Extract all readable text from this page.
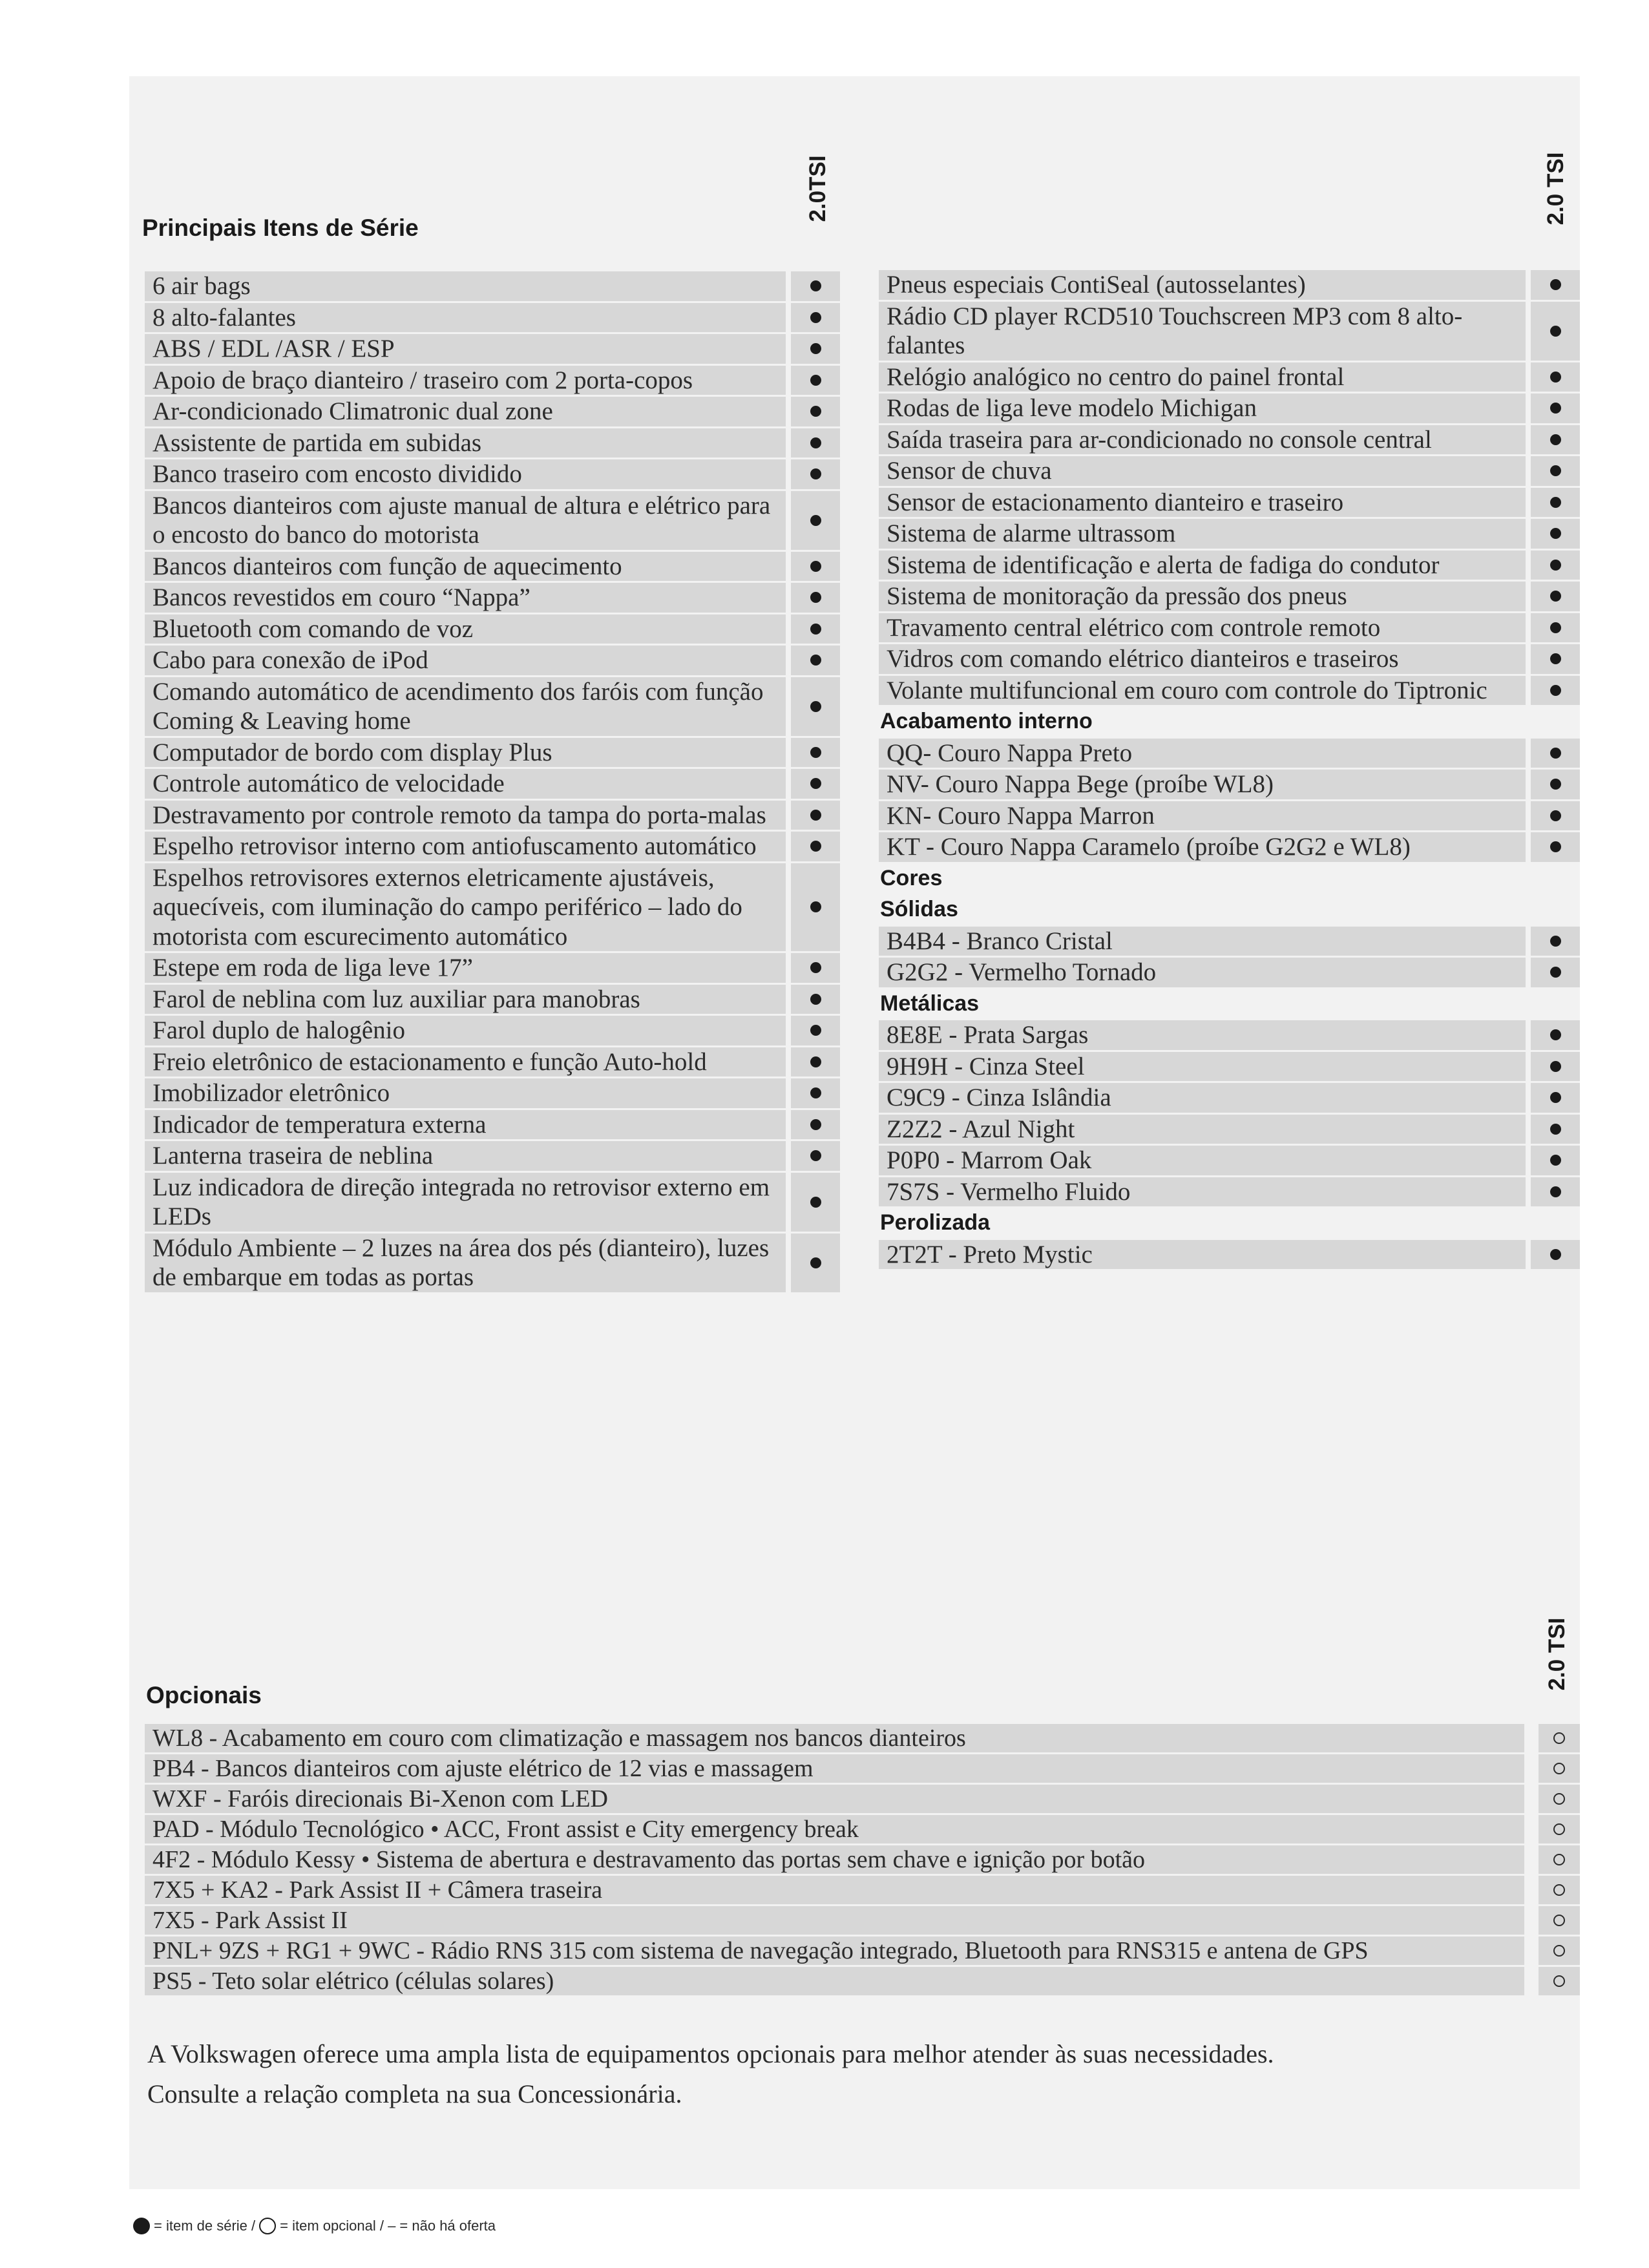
Principais Itens de Série
2.0TSI	2.0 TSI
6 air bags
8 alto-falantes
ABS / EDL /ASR / ESP
Apoio de braço dianteiro / traseiro com 2 porta-copos
Ar-condicionado Climatronic dual zone
Assistente de partida em subidas
Banco traseiro com encosto dividido
Bancos dianteiros com ajuste manual de altura e elétrico para o encosto do banco do motorista
Bancos dianteiros com função de aquecimento
Bancos revestidos em couro “Nappa”
Bluetooth com comando de voz
Cabo para conexão de iPod
Comando automático de acendimento dos faróis com função Coming & Leaving home
Computador de bordo com display Plus
Controle automático de velocidade
Destravamento por controle remoto da tampa do porta-malas
Espelho retrovisor interno com antiofuscamento automático
Espelhos retrovisores externos eletricamente ajustáveis, aquecíveis, com iluminação do campo periférico – lado do motorista com escurecimento automático
Estepe em roda de liga leve 17”
Farol de neblina com luz auxiliar para manobras
Farol duplo de halogênio
Freio eletrônico de estacionamento e função Auto-hold
Imobilizador eletrônico
Indicador de temperatura externa
Lanterna traseira de neblina
Luz indicadora de direção integrada no retrovisor externo em LEDs
Módulo Ambiente – 2 luzes na área dos pés (dianteiro), luzes de embarque em todas as portas
Pneus especiais ContiSeal (autosselantes)
Rádio CD player RCD510 Touchscreen MP3 com 8 alto-falantes
Relógio analógico no centro do painel frontal
Rodas de liga leve modelo Michigan
Saída traseira para ar-condicionado no console central
Sensor de chuva
Sensor de estacionamento dianteiro e traseiro
Sistema de alarme ultrassom
Sistema de identificação e alerta de fadiga do condutor
Sistema de monitoração da pressão dos pneus
Travamento central elétrico com controle remoto
Vidros com comando elétrico dianteiros e traseiros
Volante multifuncional em couro com controle do Tiptronic
Acabamento interno
QQ- Couro Nappa Preto
NV- Couro Nappa Bege (proíbe WL8)
KN- Couro Nappa Marron
KT - Couro Nappa Caramelo (proíbe G2G2 e WL8)
Cores
Sólidas
B4B4 - Branco Cristal
G2G2 - Vermelho Tornado
Metálicas
8E8E - Prata Sargas
9H9H - Cinza Steel
C9C9 - Cinza Islândia
Z2Z2 - Azul Night
P0P0 - Marrom Oak
7S7S - Vermelho Fluido
Perolizada
2T2T - Preto Mystic
Opcionais
2.0 TSI
WL8 - Acabamento em couro com climatização e massagem nos bancos dianteiros
PB4 - Bancos dianteiros com ajuste elétrico de 12 vias e massagem
WXF - Faróis direcionais Bi-Xenon com LED
PAD - Módulo Tecnológico • ACC, Front assist e City emergency break
4F2 - Módulo Kessy • Sistema de abertura e destravamento das portas sem chave e ignição por botão
7X5 + KA2 - Park Assist II + Câmera traseira
7X5 - Park Assist II
PNL+ 9ZS + RG1 + 9WC - Rádio RNS 315 com sistema de navegação integrado, Bluetooth para RNS315 e antena de GPS
PS5 - Teto solar elétrico (células solares)

A Volkswagen oferece uma ampla lista de equipamentos opcionais para melhor atender às suas necessidades.

Consulte a relação completa na sua Concessionária.

= item de série / = item opcional / – = não há oferta
